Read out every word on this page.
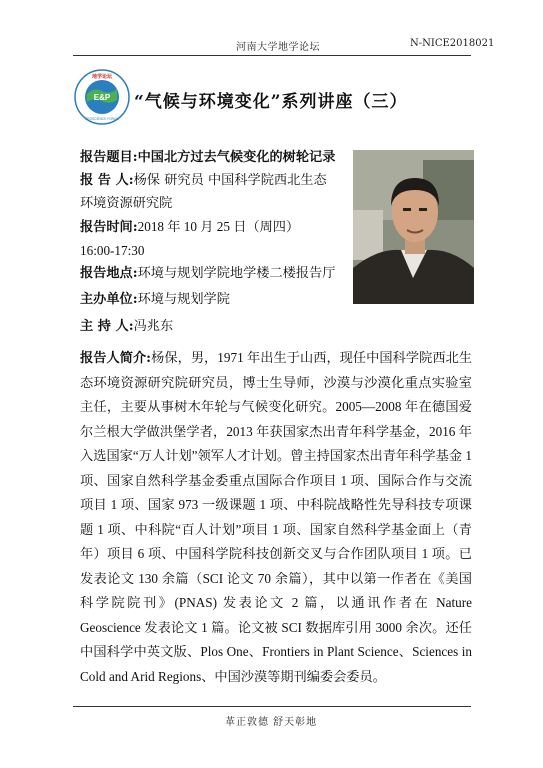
河南大学地学论坛	N-NICE2018021
E&P
地学论坛
GEOSCIENCE FORUM
“气候与环境变化”系列讲座（三）
报告题目:中国北方过去气候变化的树轮记录
报 告 人:杨保 研究员 中国科学院西北生态
环境资源研究院
报告时间:2018 年 10 月 25 日（周四）
16:00-17:30
报告地点:环境与规划学院地学楼二楼报告厅
主办单位:环境与规划学院
主 持 人:冯兆东
报告人简介:杨保，男，1971 年出生于山西，现任中国科学院西北生态环境资源研究院研究员，博士生导师，沙漠与沙漠化重点实验室主任，主要从事树木年轮与气候变化研究。2005—2008 年在德国爱尔兰根大学做洪堡学者，2013 年获国家杰出青年科学基金，2016 年入选国家“万人计划”领军人才计划。曾主持国家杰出青年科学基金 1 项、国家自然科学基金委重点国际合作项目 1 项、国际合作与交流项目 1 项、国家 973 一级课题 1 项、中科院战略性先导科技专项课题 1 项、中科院“百人计划”项目 1 项、国家自然科学基金面上（青年）项目 6 项、中国科学院科技创新交叉与合作团队项目 1 项。已发表论文 130 余篇（SCI 论文 70 余篇），其中以第一作者在《美国科学院院刊》(PNAS) 发表论文 2 篇，以通讯作者在 Nature Geoscience 发表论文 1 篇。论文被 SCI 数据库引用 3000 余次。还任中国科学中英文版、Plos One、Frontiers in Plant Science、Sciences in Cold and Arid Regions、中国沙漠等期刊编委会委员。
革正敦德 舒天彰地
